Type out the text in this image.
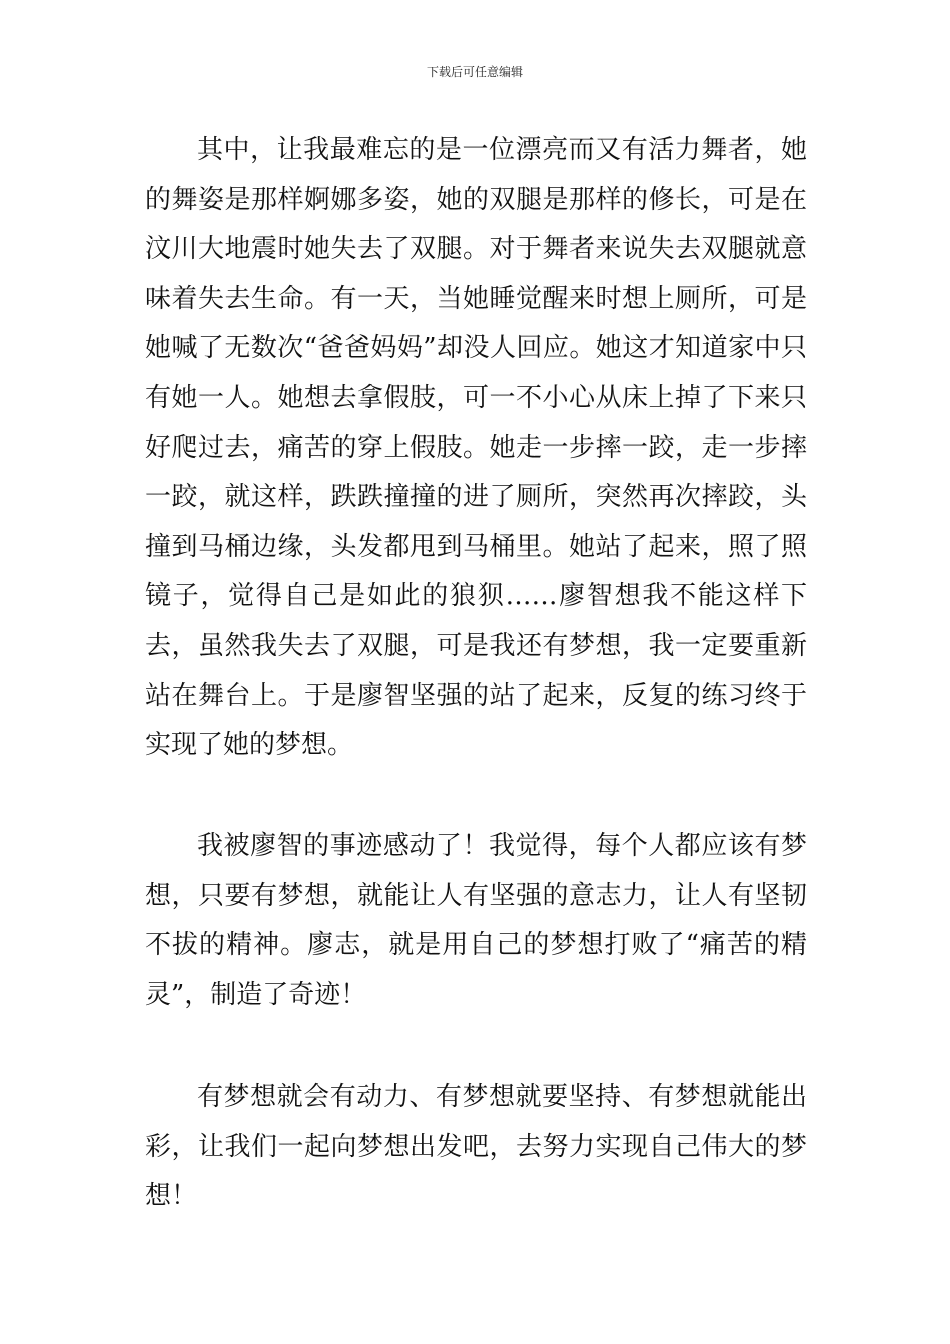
下载后可任意编辑

其中，让我最难忘的是一位漂亮而又有活力舞者，她的舞姿是那样婀娜多姿，她的双腿是那样的修长，可是在汶川大地震时她失去了双腿。对于舞者来说失去双腿就意味着失去生命。有一天，当她睡觉醒来时想上厕所，可是她喊了无数次“爸爸妈妈”却没人回应。她这才知道家中只有她一人。她想去拿假肢，可一不小心从床上掉了下来只好爬过去，痛苦的穿上假肢。她走一步摔一跤，走一步摔一跤，就这样，跌跌撞撞的进了厕所，突然再次摔跤，头撞到马桶边缘，头发都甩到马桶里。她站了起来，照了照镜子，觉得自己是如此的狼狈……廖智想我不能这样下去，虽然我失去了双腿，可是我还有梦想，我一定要重新站在舞台上。于是廖智坚强的站了起来，反复的练习终于实现了她的梦想。

我被廖智的事迹感动了！我觉得，每个人都应该有梦想，只要有梦想，就能让人有坚强的意志力，让人有坚韧不拔的精神。廖志，就是用自己的梦想打败了“痛苦的精灵”，制造了奇迹！

有梦想就会有动力、有梦想就要坚持、有梦想就能出彩，让我们一起向梦想出发吧，去努力实现自己伟大的梦想！
